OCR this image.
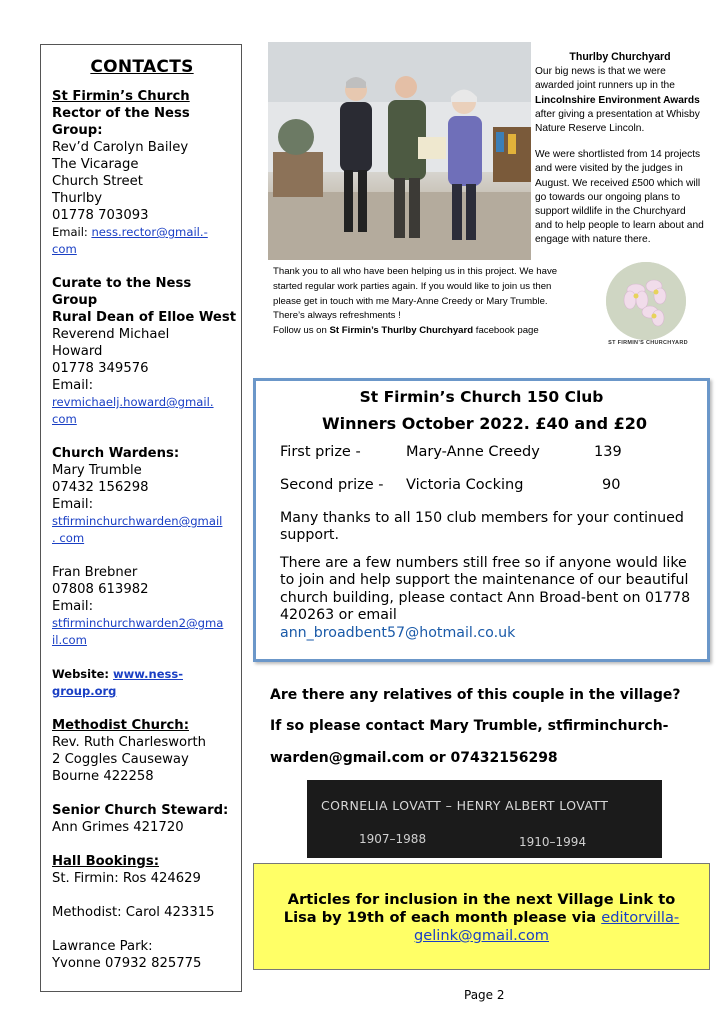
CONTACTS
St Firmin’s Church
Rector of the Ness
Group:
Rev’d Carolyn Bailey
The Vicarage
Church Street
Thurlby
01778 703093
Email: ness.rector@gmail.-
com
Curate to the Ness
Group
Rural Dean of Elloe West
Reverend Michael
Howard
01778 349576
Email:
revmichaelj.howard@gmail.
com
Church Wardens:
Mary Trumble
07432 156298
Email:
stfirminchurchwarden@gmail
. com
Fran Brebner
07808 613982
Email:
stfirminchurchwarden2@gma
il.com
Website: www.ness-
group.org
Methodist Church:
Rev. Ruth Charlesworth
2 Coggles Causeway
Bourne 422258
Senior Church Steward:
Ann Grimes 421720
Hall Bookings:
St. Firmin: Ros 424629
Methodist: Carol 423315
Lawrance Park:
Yvonne 07932 825775
Thurlby Churchyard

Our big news is that we were awarded joint runners up in the Lincolnshire Environment Awards after giving a presentation at Whisby Nature Reserve Lincoln.

We were shortlisted from 14 projects and were visited by the judges in August. We received £500 which will go towards our ongoing plans to support wildlife in the Churchyard and to help people to learn about and engage with nature there.

Thank you to all who have been helping us in this project. We have
started regular work parties again. If you would like to join us then
please get in touch with me Mary-Anne Creedy or Mary Trumble.
There’s always refreshments !
Follow us on St Firmin’s Thurlby Churchyard facebook page
ST FIRMIN’S CHURCHYARD
St Firmin’s Church 150 Club
Winners October 2022. £40 and £20
First prize -	Mary-Anne Creedy	139
Second prize - Victoria Cocking	90
Many thanks to all 150 club members for your continued support.
There are a few numbers still free so if anyone would like to join and help support the maintenance of our beautiful church building, please contact Ann Broad-bent on 01778 420263 or email
ann_broadbent57@hotmail.co.uk
Are there any relatives of this couple in the village?
If so please contact Mary Trumble, stfirminchurch-
warden@gmail.com or 07432156298
CORNELIA LOVATT – HENRY ALBERT LOVATT
1907–1988	1910–1994
Articles for inclusion in the next Village Link to
Lisa by 19th of each month please via editorvilla-
gelink@gmail.com
Page 2
